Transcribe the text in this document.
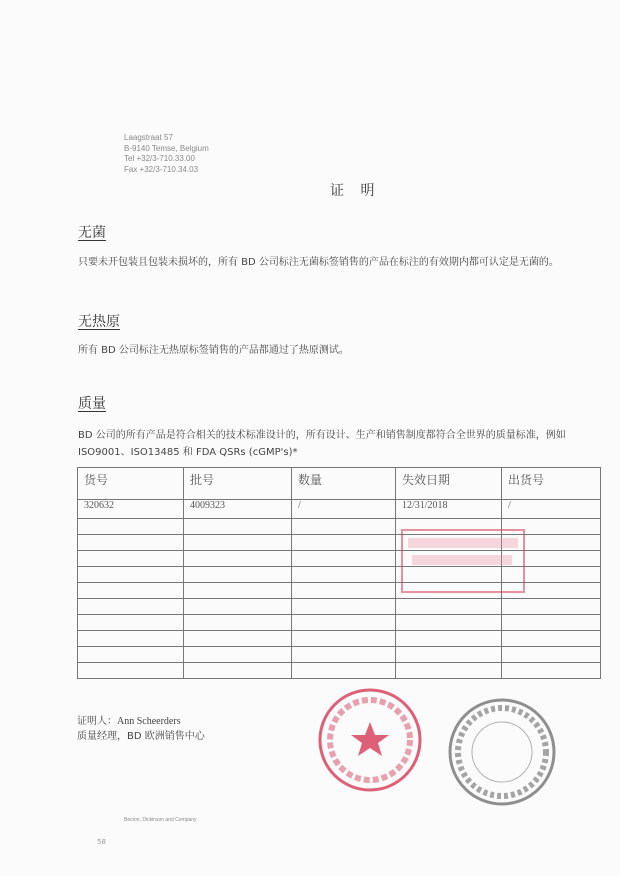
Laagstraat 57
B-9140 Temse, Belgium
Tel +32/3-710.33.00
Fax +32/3-710.34.03
证 明
无菌
只要未开包装且包装未损坏的，所有 BD 公司标注无菌标签销售的产品在标注的有效期内都可认定是无菌的。
无热原
所有 BD 公司标注无热原标签销售的产品都通过了热原测试。
质量
BD 公司的所有产品是符合相关的技术标准设计的，所有设计、生产和销售制度都符合全世界的质量标准，例如 ISO9001、ISO13485 和 FDA QSRs (cGMP's)*
货号	批号	数量	失效日期	出货号
320632	4009323	/	12/31/2018	/

证明人：Ann Scheerders
质量经理，BD 欧洲销售中心
Becton, Dickinson and Company
58
